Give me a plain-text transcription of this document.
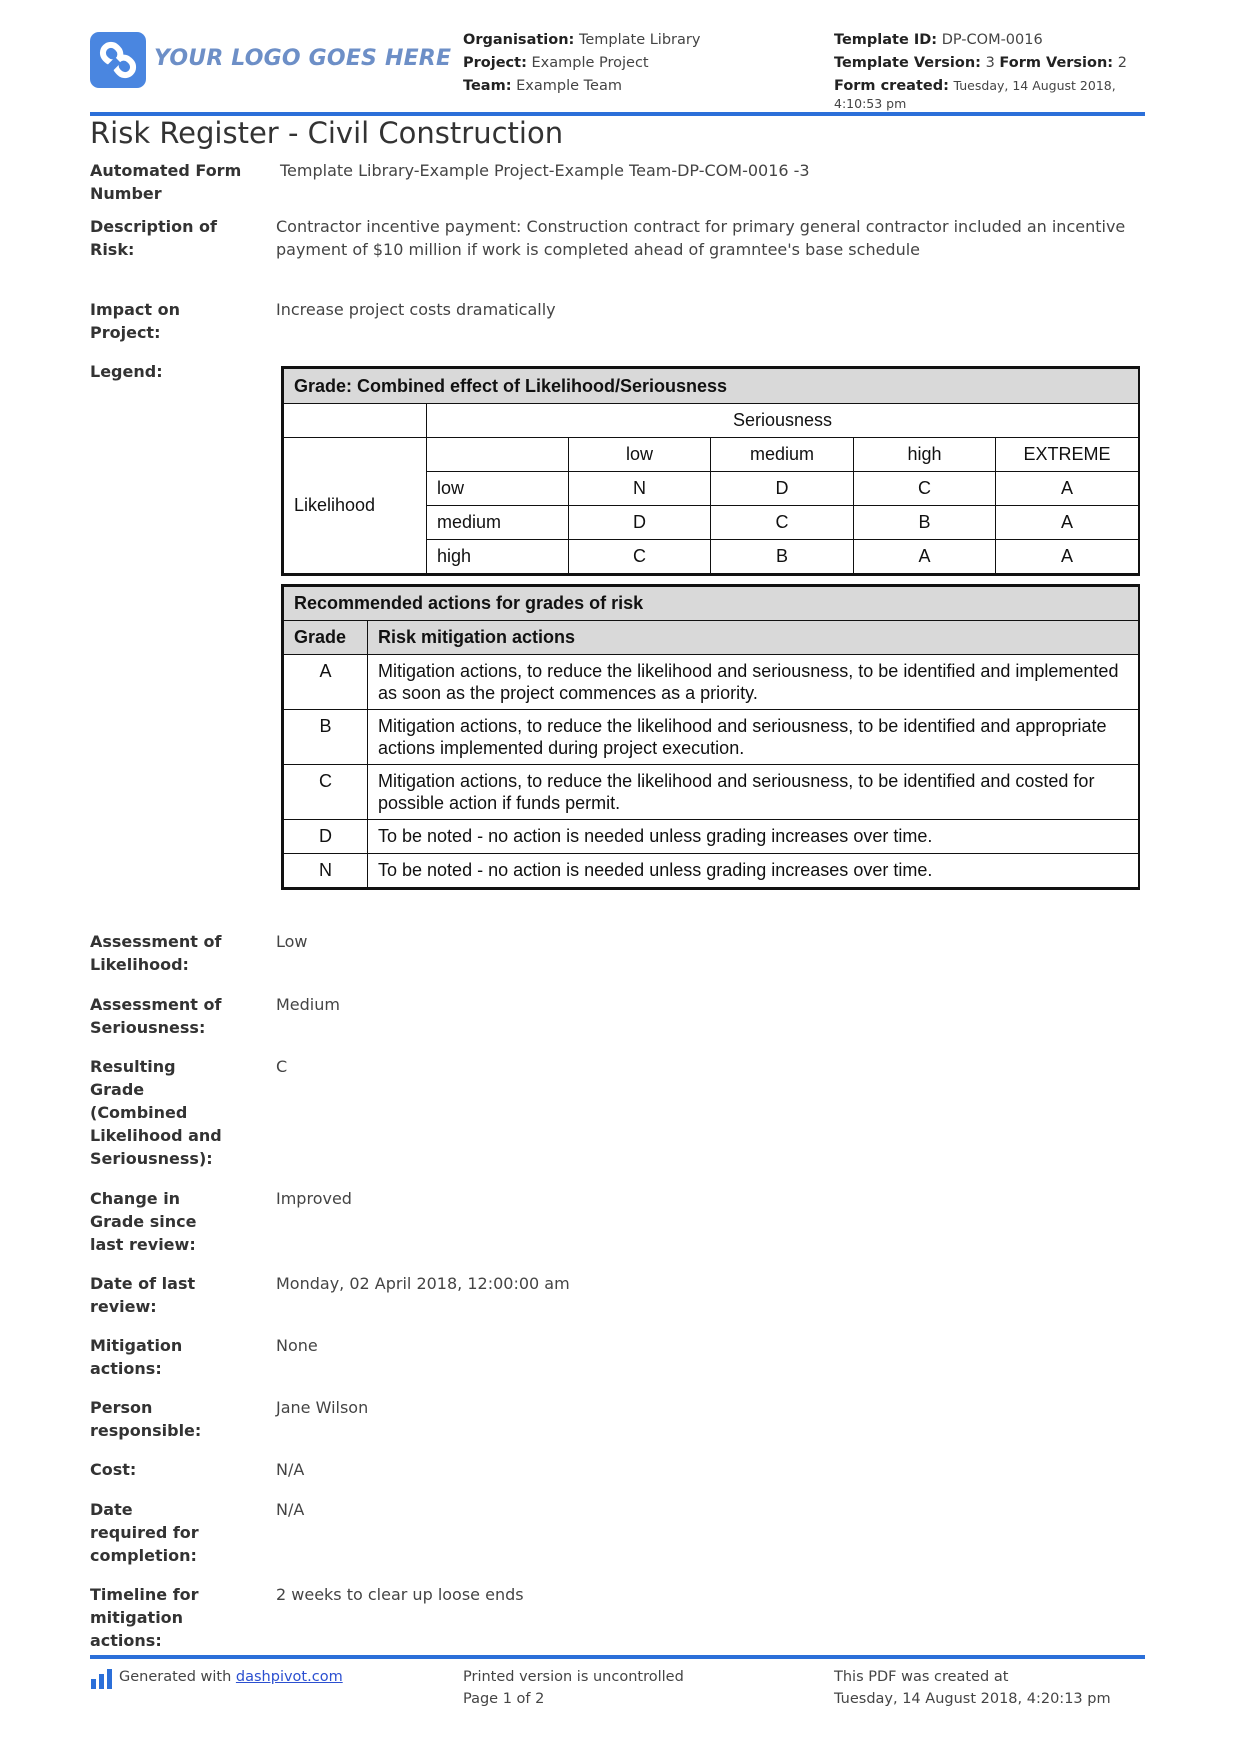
YOUR LOGO GOES HERE
Organisation: Template Library
Project: Example Project
Team: Example Team
Template ID: DP-COM-0016
Template Version: 3 Form Version: 2
Form created: Tuesday, 14 August 2018, 4:10:53 pm
Risk Register - Civil Construction
Automated Form Number
Template Library-Example Project-Example Team-DP-COM-0016 -3
Description of Risk:
Contractor incentive payment: Construction contract for primary general contractor included an incentive payment of $10 million if work is completed ahead of gramntee's base schedule
Impact on Project:
Increase project costs dramatically
Legend:
Grade: Combined effect of Likelihood/Seriousness					
	Seriousness				
Likelihood		low	medium	high	EXTREME
	low	N	D	C	A
	medium	D	C	B	A
	high	C	B	A	A
Recommended actions for grades of risk	
Grade	Risk mitigation actions
A	Mitigation actions, to reduce the likelihood and seriousness, to be identified and implemented as soon as the project commences as a priority.
B	Mitigation actions, to reduce the likelihood and seriousness, to be identified and appropriate actions implemented during project execution.
C	Mitigation actions, to reduce the likelihood and seriousness, to be identified and costed for possible action if funds permit.
D	To be noted - no action is needed unless grading increases over time.
N	To be noted - no action is needed unless grading increases over time.
Assessment of Likelihood:
Low
Assessment of Seriousness:
Medium
Resulting Grade (Combined Likelihood and Seriousness):
C
Change in Grade since last review:
Improved
Date of last review:
Monday, 02 April 2018, 12:00:00 am
Mitigation actions:
None
Person responsible:
Jane Wilson
Cost:	N/A
Date required for completion:
N/A
Timeline for mitigation actions:
2 weeks to clear up loose ends
Generated with dashpivot.com	Printed version is uncontrolled
Page 1 of 2
This PDF was created at
Tuesday, 14 August 2018, 4:20:13 pm
